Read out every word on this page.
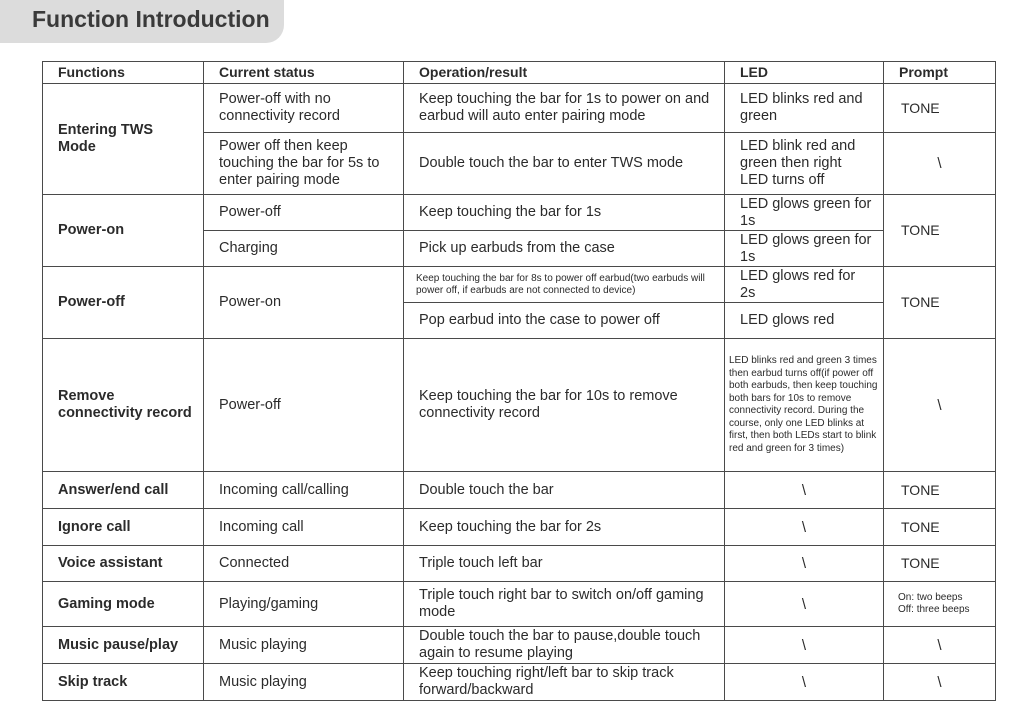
Function Introduction
Functions	Current status	Operation/result	LED	Prompt
Entering TWS Mode	Power-off with no connectivity record	Keep touching the bar for 1s to power on and earbud will auto enter pairing mode	LED blinks red and green	TONE
	Power off then keep touching the bar for 5s to enter pairing mode	Double touch the bar to enter TWS mode	LED blink red and green then right LED turns off	\
Power-on	Power-off	Keep touching the bar for 1s	LED glows green for 1s	TONE
	Charging	Pick up earbuds from the case	LED glows green for 1s	
Power-off	Power-on	Keep touching the bar for 8s to power off earbud(two earbuds will power off, if earbuds are not connected to device)	LED glows red for 2s	TONE
		Pop earbud into the case to power off	LED glows red	
Remove connectivity record	Power-off	Keep touching the bar for 10s to remove connectivity record	LED blinks red and green 3 times then earbud turns off(if power off both earbuds, then keep touching both bars for 10s to remove connectivity record. During the course, only one LED blinks at first, then both LEDs start to blink red and green for 3 times)	\
Answer/end call	Incoming call/calling	Double touch the bar	\	TONE
Ignore call	Incoming call	Keep touching the bar for 2s	\	TONE
Voice assistant	Connected	Triple touch left bar	\	TONE
Gaming mode	Playing/gaming	Triple touch right bar to switch on/off gaming mode	\	On: two beeps
Off: three beeps

Music pause/play	Music playing	Double touch the bar to pause,double touch again to resume playing	\	\
Skip track	Music playing	Keep touching right/left bar to skip track forward/backward	\	\
